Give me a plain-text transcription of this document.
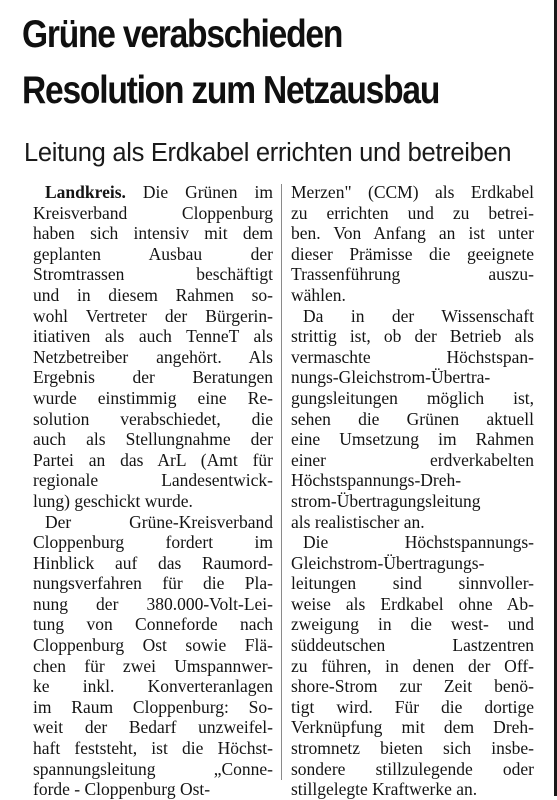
Grüne verabschieden
Resolution zum Netzausbau
Leitung als Erdkabel errichten und betreiben
Landkreis. Die Grünen im
Kreisverband Cloppenburg
haben sich intensiv mit dem
geplanten Ausbau der
Stromtrassen beschäftigt
und in diesem Rahmen so-
wohl Vertreter der Bürgerin-
itiativen als auch TenneT als
Netzbetreiber angehört. Als
Ergebnis der Beratungen
wurde einstimmig eine Re-
solution verabschiedet, die
auch als Stellungnahme der
Partei an das ArL (Amt für
regionale Landesentwick-
lung) geschickt wurde.
Der Grüne-Kreisverband
Cloppenburg fordert im
Hinblick auf das Raumord-
nungsverfahren für die Pla-
nung der 380.000-Volt-Lei-
tung von Conneforde nach
Cloppenburg Ost sowie Flä-
chen für zwei Umspannwer-
ke inkl. Konverteranlagen
im Raum Cloppenburg: So-
weit der Bedarf unzweifel-
haft feststeht, ist die Höchst-
spannungsleitung „Conne-
forde - Cloppenburg Ost-
Merzen" (CCM) als Erdkabel
zu errichten und zu betrei-
ben. Von Anfang an ist unter
dieser Prämisse die geeignete
Trassenführung auszu-
wählen.
Da in der Wissenschaft
strittig ist, ob der Betrieb als
vermaschte Höchstspan-
nungs-Gleichstrom-Übertra-
gungsleitungen möglich ist,
sehen die Grünen aktuell
eine Umsetzung im Rahmen
einer erdverkabelten
Höchstspannungs-Dreh-
strom-Übertragungsleitung
als realistischer an.
Die Höchstspannungs-
Gleichstrom-Übertragungs-
leitungen sind sinnvoller-
weise als Erdkabel ohne Ab-
zweigung in die west- und
süddeutschen Lastzentren
zu führen, in denen der Off-
shore-Strom zur Zeit benö-
tigt wird. Für die dortige
Verknüpfung mit dem Dreh-
stromnetz bieten sich insbe-
sondere stillzulegende oder
stillgelegte Kraftwerke an.
